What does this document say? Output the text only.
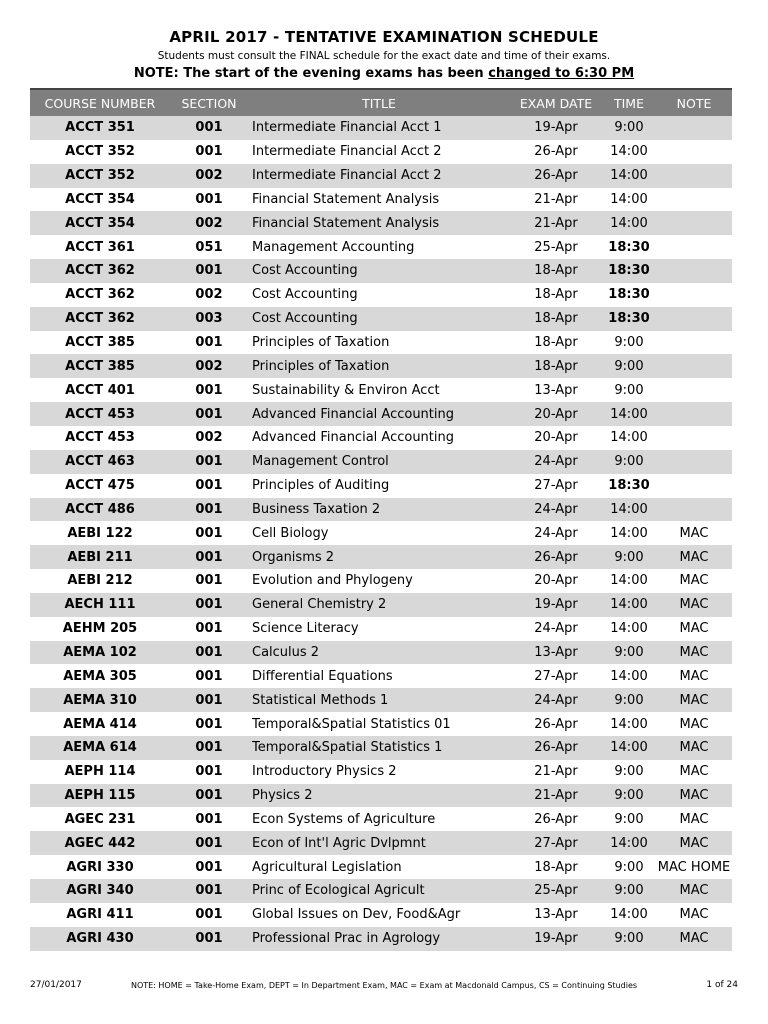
APRIL 2017 - TENTATIVE EXAMINATION SCHEDULE
Students must consult the FINAL schedule for the exact date and time of their exams.
NOTE: The start of the evening exams has been changed to 6:30 PM
COURSE NUMBER	SECTION	TITLE	EXAM DATE	TIME	NOTE
ACCT 351	001	Intermediate Financial Acct 1	19-Apr	9:00	
ACCT 352	001	Intermediate Financial Acct 2	26-Apr	14:00	
ACCT 352	002	Intermediate Financial Acct 2	26-Apr	14:00	
ACCT 354	001	Financial Statement Analysis	21-Apr	14:00	
ACCT 354	002	Financial Statement Analysis	21-Apr	14:00	
ACCT 361	051	Management Accounting	25-Apr	18:30	
ACCT 362	001	Cost Accounting	18-Apr	18:30	
ACCT 362	002	Cost Accounting	18-Apr	18:30	
ACCT 362	003	Cost Accounting	18-Apr	18:30	
ACCT 385	001	Principles of Taxation	18-Apr	9:00	
ACCT 385	002	Principles of Taxation	18-Apr	9:00	
ACCT 401	001	Sustainability & Environ Acct	13-Apr	9:00	
ACCT 453	001	Advanced Financial Accounting	20-Apr	14:00	
ACCT 453	002	Advanced Financial Accounting	20-Apr	14:00	
ACCT 463	001	Management Control	24-Apr	9:00	
ACCT 475	001	Principles of Auditing	27-Apr	18:30	
ACCT 486	001	Business Taxation 2	24-Apr	14:00	
AEBI 122	001	Cell Biology	24-Apr	14:00	MAC
AEBI 211	001	Organisms 2	26-Apr	9:00	MAC
AEBI 212	001	Evolution and Phylogeny	20-Apr	14:00	MAC
AECH 111	001	General Chemistry 2	19-Apr	14:00	MAC
AEHM 205	001	Science Literacy	24-Apr	14:00	MAC
AEMA 102	001	Calculus 2	13-Apr	9:00	MAC
AEMA 305	001	Differential Equations	27-Apr	14:00	MAC
AEMA 310	001	Statistical Methods 1	24-Apr	9:00	MAC
AEMA 414	001	Temporal&Spatial Statistics 01	26-Apr	14:00	MAC
AEMA 614	001	Temporal&Spatial Statistics 1	26-Apr	14:00	MAC
AEPH 114	001	Introductory Physics 2	21-Apr	9:00	MAC
AEPH 115	001	Physics 2	21-Apr	9:00	MAC
AGEC 231	001	Econ Systems of Agriculture	26-Apr	9:00	MAC
AGEC 442	001	Econ of Int'l Agric Dvlpmnt	27-Apr	14:00	MAC
AGRI 330	001	Agricultural Legislation	18-Apr	9:00	MAC HOME
AGRI 340	001	Princ of Ecological Agricult	25-Apr	9:00	MAC
AGRI 411	001	Global Issues on Dev, Food&Agr	13-Apr	14:00	MAC
AGRI 430	001	Professional Prac in Agrology	19-Apr	9:00	MAC
27/01/2017	NOTE: HOME = Take-Home Exam, DEPT = In Department Exam, MAC = Exam at Macdonald Campus, CS = Continuing Studies	1 of 24
